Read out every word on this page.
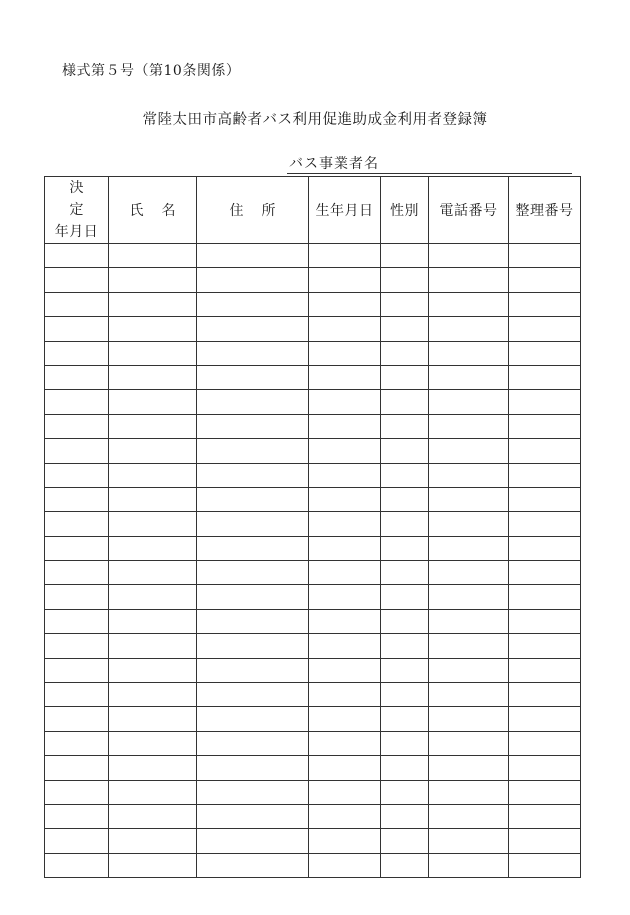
様式第５号（第10条関係）
常陸太田市高齢者バス利用促進助成金利用者登録簿
バス事業者名
決定
年月日	氏名	住所	生年月日	性別	電話番号	整理番号
